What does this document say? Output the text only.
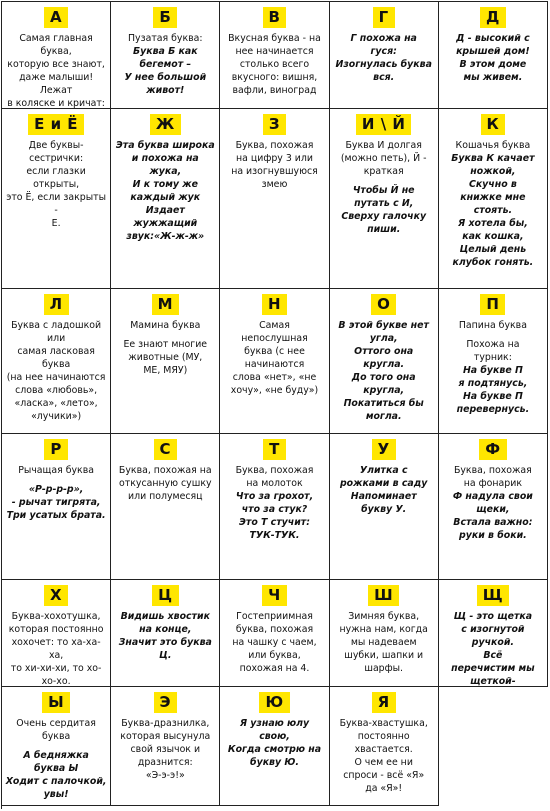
А
Самая главная буква,
которую все знают,
даже малыши! Лежат
в коляске и кричат:

Б
Пузатая буква:
Буква Б как
бегемот –
У нее большой
живот!
В
Вкусная буква - на
нее начинается
столько всего
вкусного: вишня,
вафли, виноград
Г
Г похожа на
гуся:
Изогнулась буква
вся.
Д
Д - высокий с
крышей дом!
В этом доме
мы живем.
Е и Ё
Две буквы-сестрички:
если глазки открыты,
это Ё, если закрыты -
Е.
Ж
Эта буква широка
и похожа на
жука,
И к тому же
каждый жук
Издает жужжащий
звук:«Ж-ж-ж»
З
Буква, похожая
на цифру 3 или
на изогнувшуюся
змею
И \ Й
Буква И долгая
(можно петь), Й -
краткая
Чтобы Й не
путать с И,
Сверху галочку
пиши.
К
Кошачья буква
Буква К качает
ножкой,
Скучно в
книжке мне
стоять.
Я хотела бы,
как кошка,
Целый день
клубок гонять.
Л
Буква с ладошкой
или
самая ласковая буква
(на нее начинаются
слова «любовь»,
«ласка», «лето»,
«лучики»)
М
Мамина буква
Ее знают многие
животные (МУ,
МЕ, МЯУ)
Н
Самая
непослушная
буква (с нее
начинаются
слова «нет», «не
хочу», «не буду»)
О
В этой букве нет
угла,
Оттого она
кругла.
До того она
кругла,
Покатиться бы
могла.
П
Папина буква
Похожа на
турник:
На букве П
я подтянусь,
На букве П
перевернусь.
Р
Рычащая буква
«Р-р-р-р»,
- рычат тигрята,
Три усатых брата.
С
Буква, похожая на
откусанную сушку
или полумесяц
Т
Буква, похожая
на молоток
Что за грохот,
что за стук?
Это Т стучит:
ТУК-ТУК.
У
Улитка с
рожками в саду
Напоминает
букву У.
Ф
Буква, похожая
на фонарик
Ф надула свои
щеки,
Встала важно:
руки в боки.
Х
Буква-хохотушка,
которая постоянно
хохочет: то ха-ха-ха,
то хи-хи-хи, то хо-
хо-хо.
Ц
Видишь хвостик
на конце,
Значит это буква
Ц.
Ч
Гостеприимная
буква, похожая
на чашку с чаем,
или буква,
похожая на 4.
Ш
Зимняя буква,
нужна нам, когда
мы надеваем
шубки, шапки и
шарфы.
Щ
Щ - это щетка
с изогнутой
ручкой.
Всё
перечистим мы
щеткой-

Ы
Очень сердитая буква
А бедняжка
буква Ы
Ходит с палочкой,
увы!
Э
Буква-дразнилка,
которая высунула
свой язычок и
дразнится:
«Э-э-э!»
Ю
Я узнаю юлу
свою,
Когда смотрю на
букву Ю.
Я
Буква-хвастушка,
постоянно
хвастается.
О чем ее ни
спроси - всё «Я»
да «Я»!
